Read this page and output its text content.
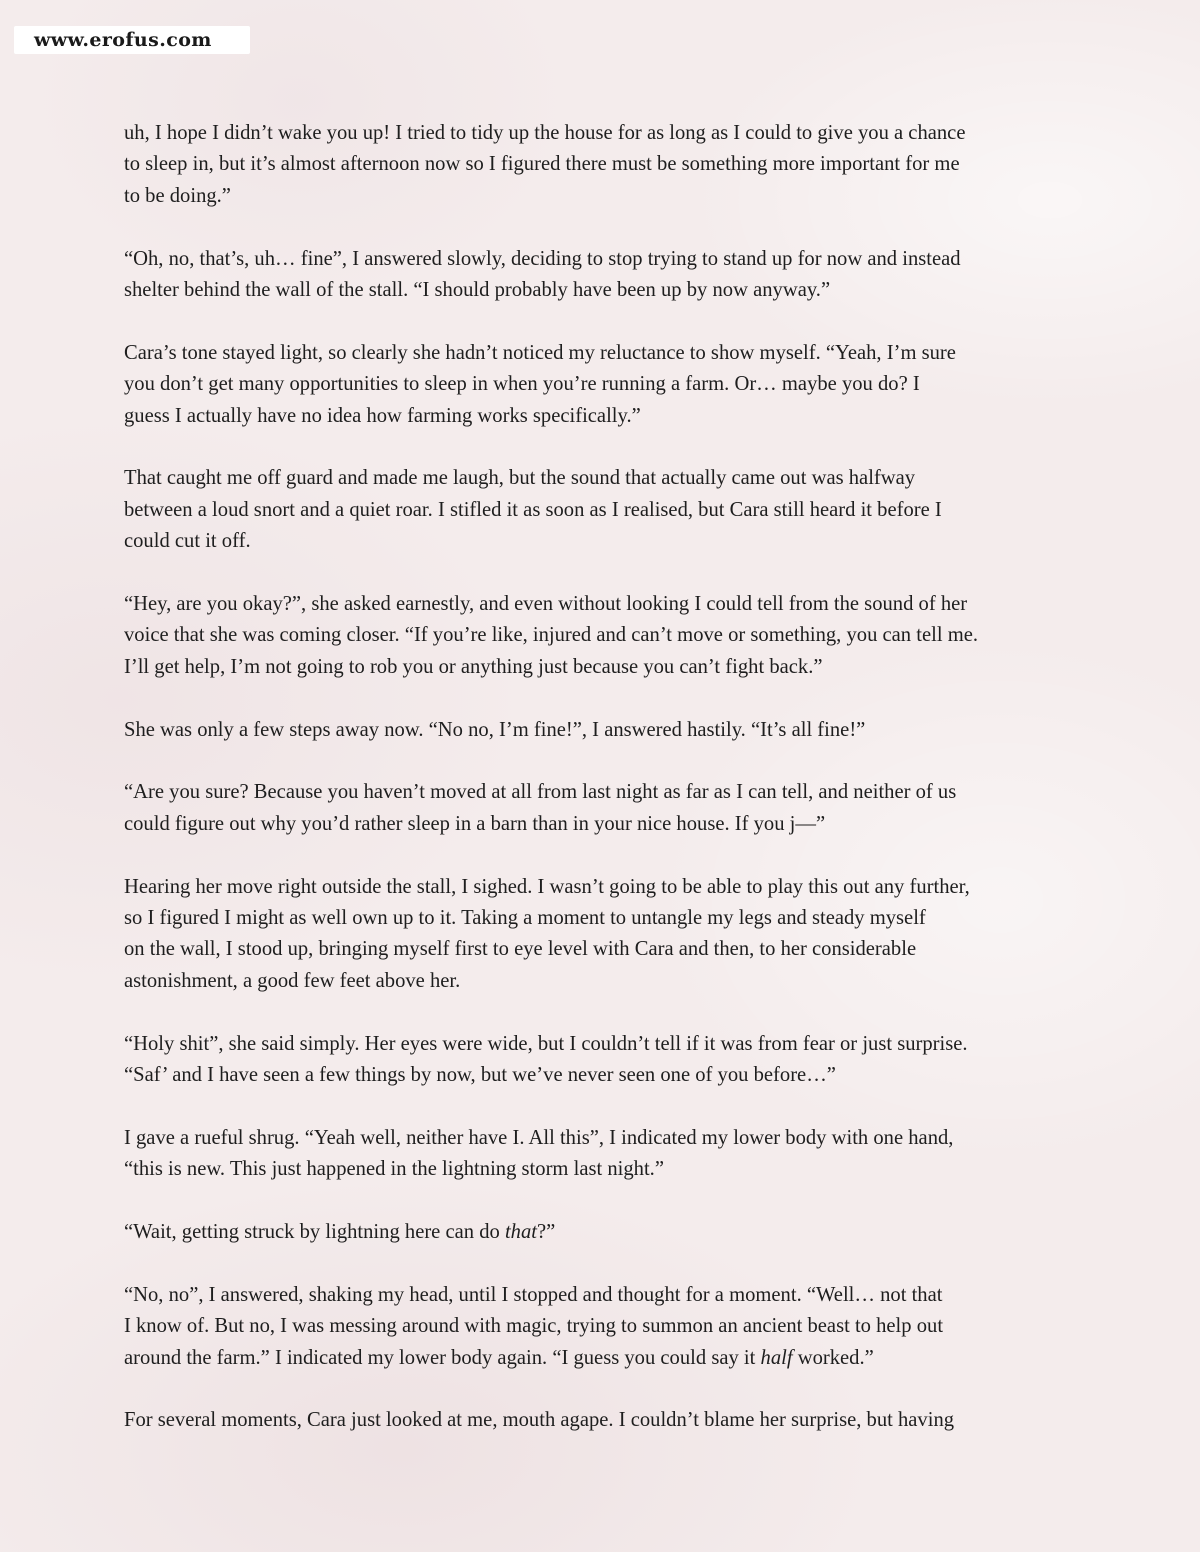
www.erofus.com

uh, I hope I didn’t wake you up! I tried to tidy up the house for as long as I could to give you a chance
to sleep in, but it’s almost afternoon now so I figured there must be something more important for me
to be doing.”

“Oh, no, that’s, uh… fine”, I answered slowly, deciding to stop trying to stand up for now and instead
shelter behind the wall of the stall. “I should probably have been up by now anyway.”

Cara’s tone stayed light, so clearly she hadn’t noticed my reluctance to show myself. “Yeah, I’m sure
you don’t get many opportunities to sleep in when you’re running a farm. Or… maybe you do? I
guess I actually have no idea how farming works specifically.”

That caught me off guard and made me laugh, but the sound that actually came out was halfway
between a loud snort and a quiet roar. I stifled it as soon as I realised, but Cara still heard it before I
could cut it off.

“Hey, are you okay?”, she asked earnestly, and even without looking I could tell from the sound of her
voice that she was coming closer. “If you’re like, injured and can’t move or something, you can tell me.
I’ll get help, I’m not going to rob you or anything just because you can’t fight back.”

She was only a few steps away now. “No no, I’m fine!”, I answered hastily. “It’s all fine!”

“Are you sure? Because you haven’t moved at all from last night as far as I can tell, and neither of us
could figure out why you’d rather sleep in a barn than in your nice house. If you j—”

Hearing her move right outside the stall, I sighed. I wasn’t going to be able to play this out any further,
so I figured I might as well own up to it. Taking a moment to untangle my legs and steady myself
on the wall, I stood up, bringing myself first to eye level with Cara and then, to her considerable
astonishment, a good few feet above her.

“Holy shit”, she said simply. Her eyes were wide, but I couldn’t tell if it was from fear or just surprise.
“Saf’ and I have seen a few things by now, but we’ve never seen one of you before…”

I gave a rueful shrug. “Yeah well, neither have I. All this”, I indicated my lower body with one hand,
“this is new. This just happened in the lightning storm last night.”

“Wait, getting struck by lightning here can do that?”

“No, no”, I answered, shaking my head, until I stopped and thought for a moment. “Well… not that
I know of. But no, I was messing around with magic, trying to summon an ancient beast to help out
around the farm.” I indicated my lower body again. “I guess you could say it half worked.”

For several moments, Cara just looked at me, mouth agape. I couldn’t blame her surprise, but having
